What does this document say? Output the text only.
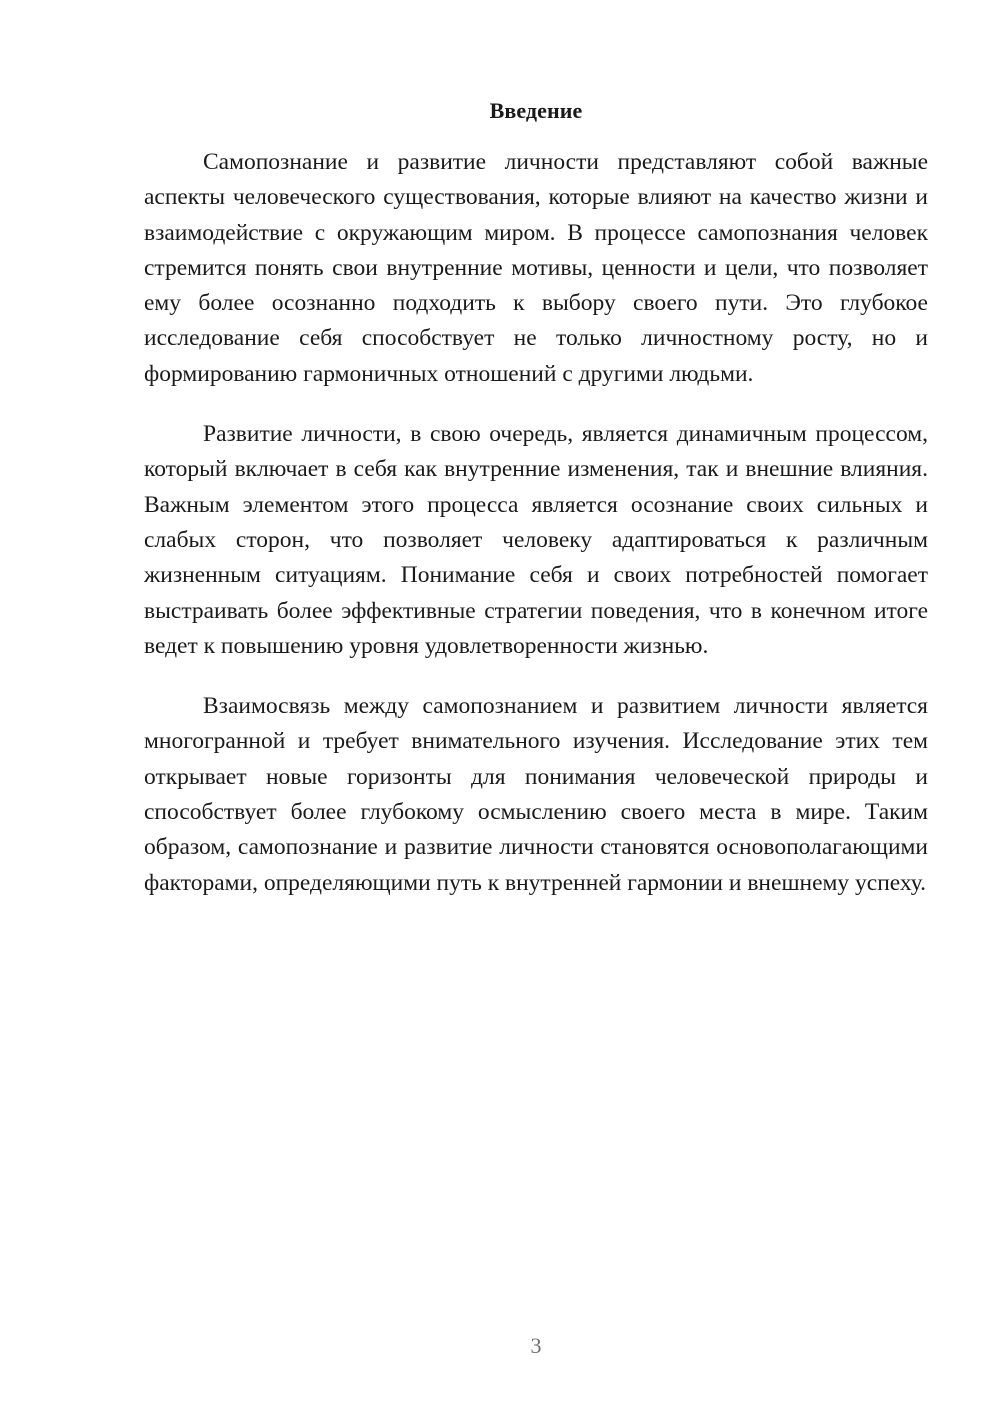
Введение

Самопознание и развитие личности представляют собой важные аспекты человеческого существования, которые влияют на качество жизни и взаимодействие с окружающим миром. В процессе самопознания человек стремится понять свои внутренние мотивы, ценности и цели, что позволяет ему более осознанно подходить к выбору своего пути. Это глубокое исследование себя способствует не только личностному росту, но и формированию гармоничных отношений с другими людьми.

Развитие личности, в свою очередь, является динамичным процессом, который включает в себя как внутренние изменения, так и внешние влияния. Важным элементом этого процесса является осознание своих сильных и слабых сторон, что позволяет человеку адаптироваться к различным жизненным ситуациям. Понимание себя и своих потребностей помогает выстраивать более эффективные стратегии поведения, что в конечном итоге ведет к повышению уровня удовлетворенности жизнью.

Взаимосвязь между самопознанием и развитием личности является многогранной и требует внимательного изучения. Исследование этих тем открывает новые горизонты для понимания человеческой природы и способствует более глубокому осмыслению своего места в мире. Таким образом, самопознание и развитие личности становятся основополагающими факторами, определяющими путь к внутренней гармонии и внешнему успеху.

3
